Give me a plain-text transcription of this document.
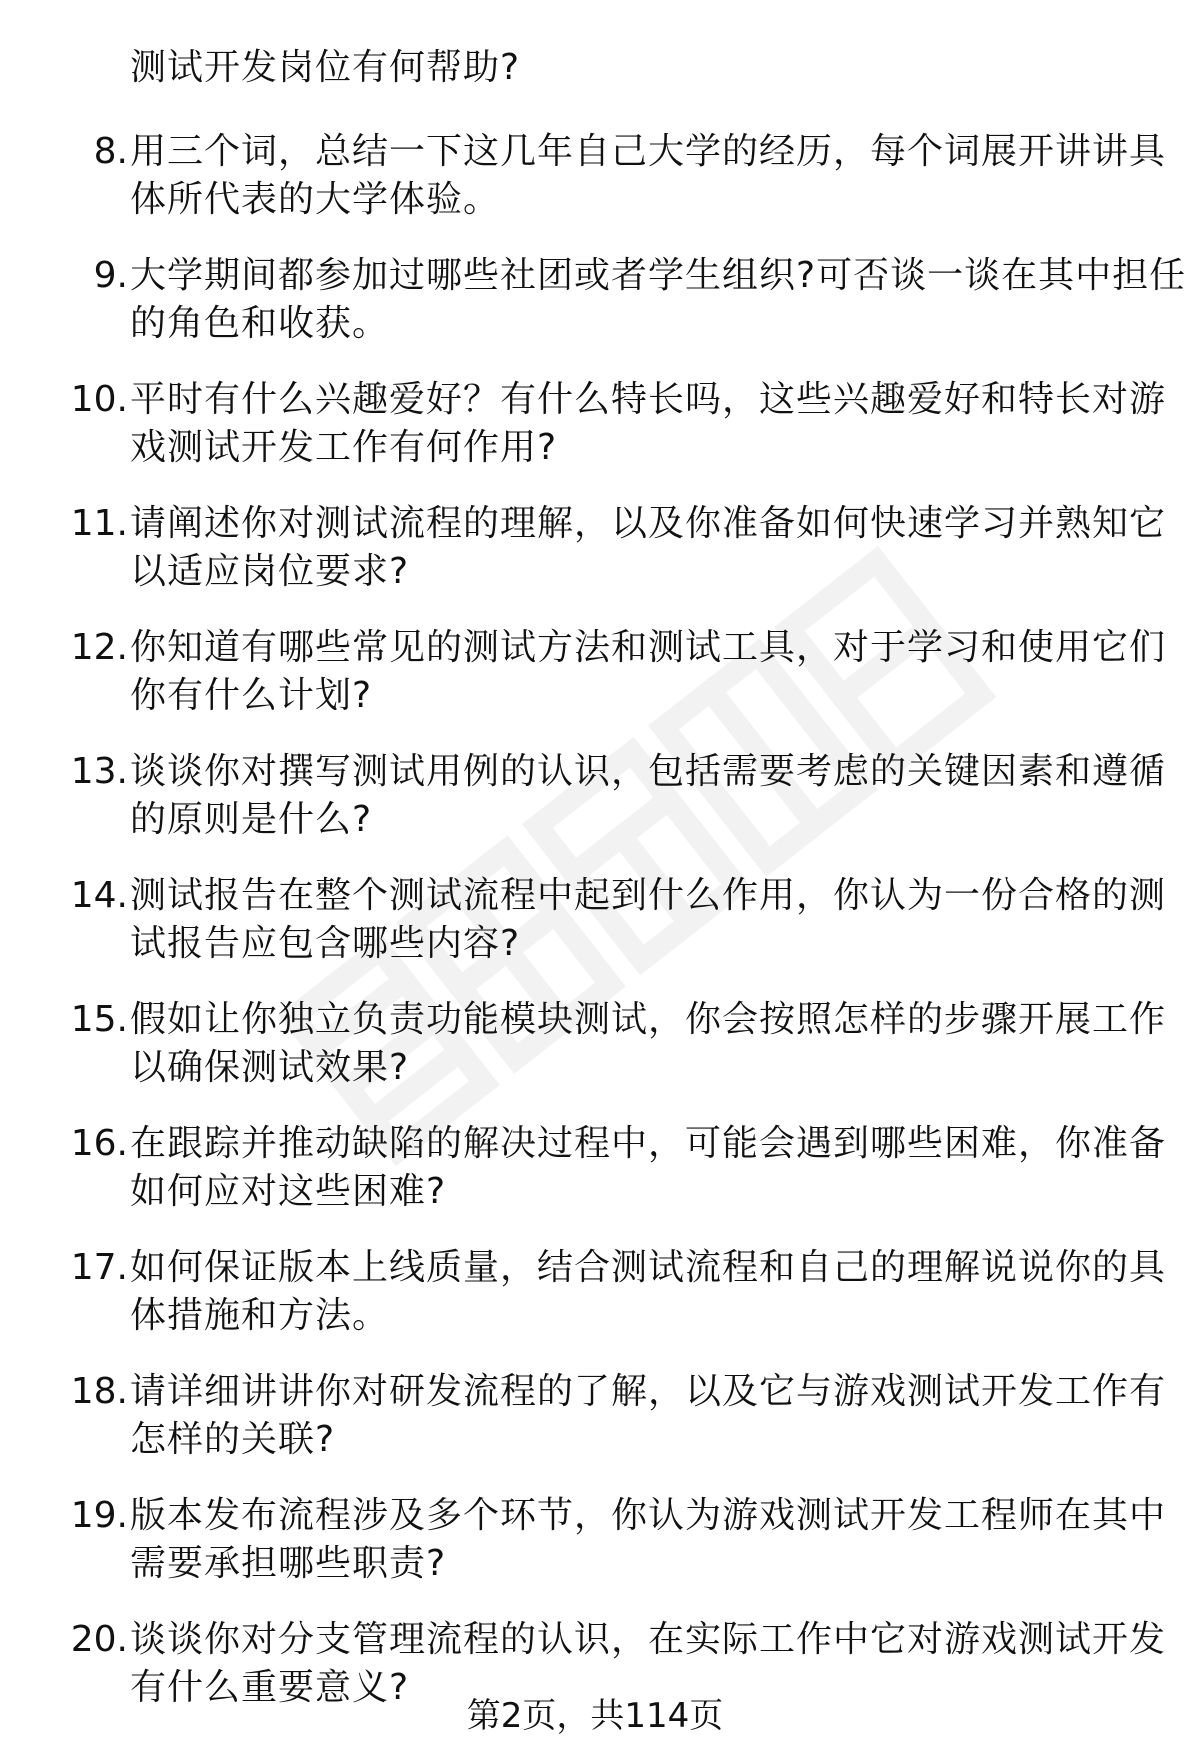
测试开发岗位有何帮助?
8. 用三个词，总结一下这几年自己大学的经历，每个词展开讲讲具
体所代表的大学体验。
9. 大学期间都参加过哪些社团或者学生组织?可否谈一谈在其中担任
的角色和收获。
10. 平时有什么兴趣爱好？有什么特长吗，这些兴趣爱好和特长对游
戏测试开发工作有何作用?
11. 请阐述你对测试流程的理解，以及你准备如何快速学习并熟知它
以适应岗位要求?
12. 你知道有哪些常见的测试方法和测试工具，对于学习和使用它们
你有什么计划?
13. 谈谈你对撰写测试用例的认识，包括需要考虑的关键因素和遵循
的原则是什么?
14. 测试报告在整个测试流程中起到什么作用，你认为一份合格的测
试报告应包含哪些内容?
15. 假如让你独立负责功能模块测试，你会按照怎样的步骤开展工作
以确保测试效果?
16. 在跟踪并推动缺陷的解决过程中，可能会遇到哪些困难，你准备
如何应对这些困难?
17. 如何保证版本上线质量，结合测试流程和自己的理解说说你的具
体措施和方法。
18. 请详细讲讲你对研发流程的了解，以及它与游戏测试开发工作有
怎样的关联?
19. 版本发布流程涉及多个环节，你认为游戏测试开发工程师在其中
需要承担哪些职责?
20. 谈谈你对分支管理流程的认识，在实际工作中它对游戏测试开发
有什么重要意义?
第2页，共114页
